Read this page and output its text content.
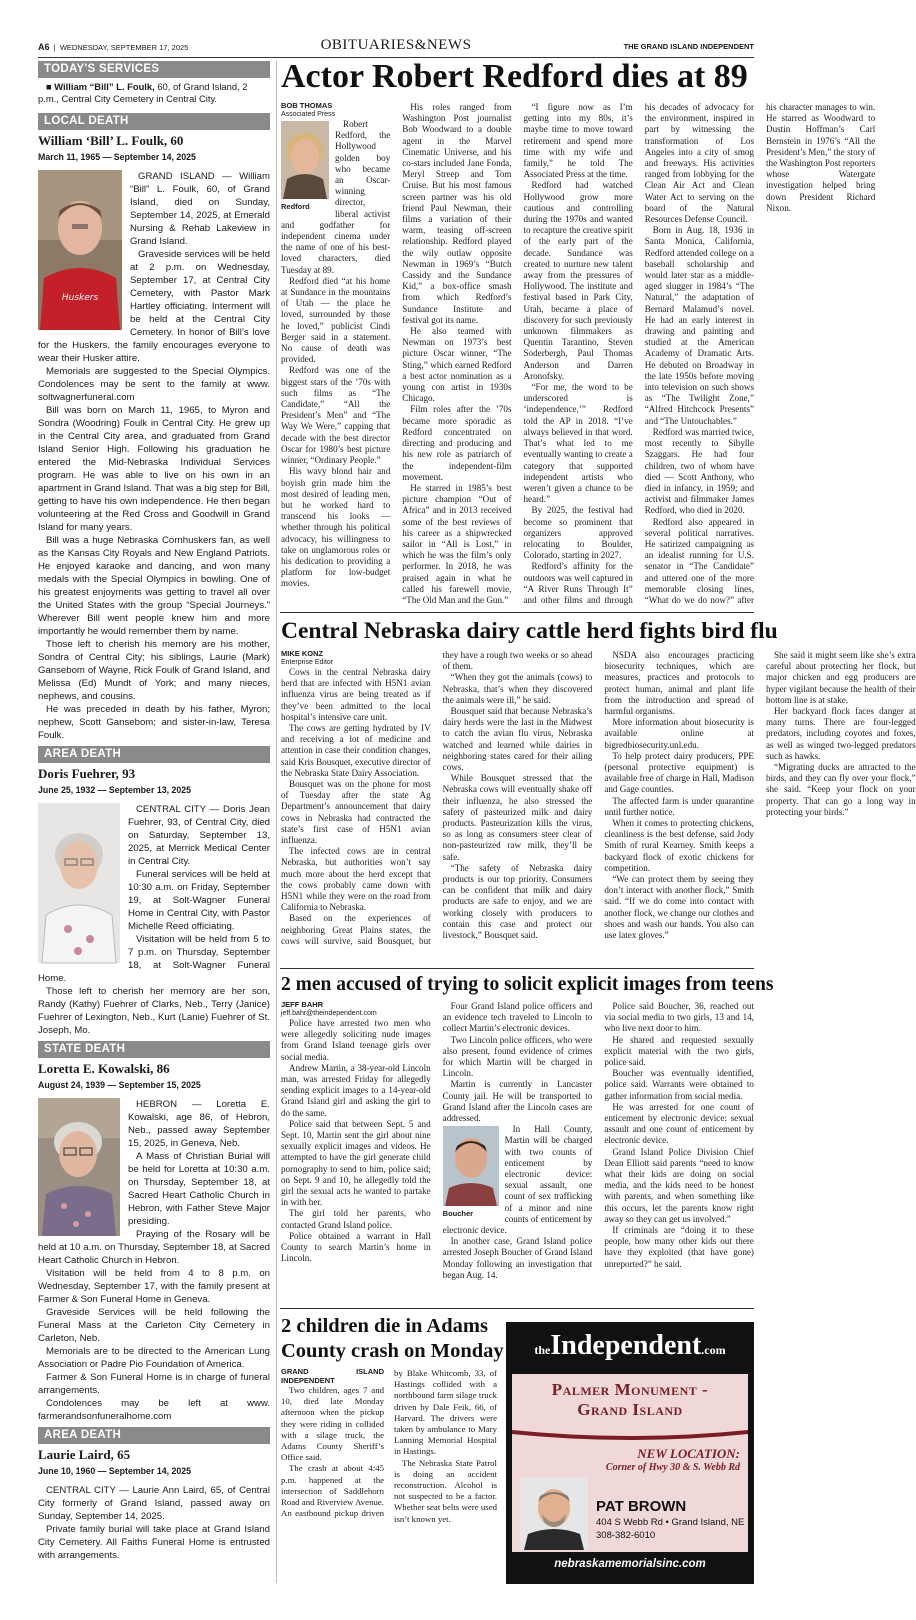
A6  |  WEDNESDAY, SEPTEMBER 17, 2025	OBITUARIES&NEWS	THE GRAND ISLAND INDEPENDENT
TODAY'S SERVICES
■ William “Bill” L. Foulk, 60, of Grand Island, 2 p.m., Central City Cemetery in Central City.
LOCAL DEATH
William ‘Bill’ L. Foulk, 60
March 11, 1965 — September 14, 2025
Huskers

GRAND ISLAND — William “Bill” L. Foulk, 60, of Grand Island, died on Sunday, September 14, 2025, at Emerald Nursing & Rehab Lakeview in Grand Island.

Graveside services will be held at 2 p.m. on Wednesday, September 17, at Central City Cemetery, with Pastor Mark Hartley officiating. Interment will be held at the Central City Cemetery. In honor of Bill’s love for the Huskers, the family encourages everyone to wear their Husker attire.

Memorials are suggested to the Special Olympics. Condolences may be sent to the family at www. soltwagnerfuneral.com

Bill was born on March 11, 1965, to Myron and Sondra (Woodring) Foulk in Central City. He grew up in the Central City area, and graduated from Grand Island Senior High. Following his graduation he entered the Mid-Nebraska Individual Services program. He was able to live on his own in an apartment in Grand Island. That was a big step for Bill, getting to have his own independence. He then began volunteering at the Red Cross and Goodwill in Grand Island for many years.

Bill was a huge Nebraska Cornhuskers fan, as well as the Kansas City Royals and New England Patriots. He enjoyed karaoke and dancing, and won many medals with the Special Olympics in bowling. One of his greatest enjoyments was getting to travel all over the United States with the group “Special Journeys.” Wherever Bill went people knew him and more importantly he would remember them by name.

Those left to cherish his memory are his mother, Sondra of Central City; his siblings, Laurie (Mark) Gansebom of Wayne, Rick Foulk of Grand Island, and Melissa (Ed) Mundt of York; and many nieces, nephews, and cousins.

He was preceded in death by his father, Myron; nephew, Scott Gansebom; and sister-in-law, Teresa Foulk.

AREA DEATH
Doris Fuehrer, 93
June 25, 1932 — September 13, 2025

CENTRAL CITY — Doris Jean Fuehrer, 93, of Central City, died on Saturday, September 13, 2025, at Merrick Medical Center in Central City.

Funeral services will be held at 10:30 a.m. on Friday, September 19, at Solt-Wagner Funeral Home in Central City, with Pastor Michelle Reed officiating.

Visitation will be held from 5 to 7 p.m. on Thursday, September 18, at Solt-Wagner Funeral Home.

Those left to cherish her memory are her son, Randy (Kathy) Fuehrer of Clarks, Neb., Terry (Janice) Fuehrer of Lexington, Neb., Kurt (Lanie) Fuehrer of St. Joseph, Mo.

STATE DEATH
Loretta E. Kowalski, 86
August 24, 1939 — September 15, 2025

HEBRON — Loretta E. Kowalski, age 86, of Hebron, Neb., passed away September 15, 2025, in Geneva, Neb.

A Mass of Christian Burial will be held for Loretta at 10:30 a.m. on Thursday, September 18, at Sacred Heart Catholic Church in Hebron, with Father Steve Major presiding.

Praying of the Rosary will be held at 10 a.m. on Thursday, September 18, at Sacred Heart Catholic Church in Hebron.

Visitation will be held from 4 to 8 p.m. on Wednesday, September 17, with the family present at Farmer & Son Funeral Home in Geneva.

Graveside Services will be held following the Funeral Mass at the Carleton City Cemetery in Carleton, Neb.

Memorials are to be directed to the American Lung Association or Padre Pio Foundation of America.

Farmer & Son Funeral Home is in charge of funeral arrangements.

Condolences may be left at www. farmerandsonfuneralhome.com

AREA DEATH
Laurie Laird, 65
June 10, 1960 — September 14, 2025

CENTRAL CITY — Laurie Ann Laird, 65, of Central City formerly of Grand Island, passed away on Sunday, September 14, 2025.

Private family burial will take place at Grand Island City Cemetery. All Faiths Funeral Home is entrusted with arrangements.

Actor Robert Redford dies at 89
BOB THOMAS
Associated Press
Redford

Robert Redford, the Hollywood golden boy who became an Oscar-winning director, liberal activist and godfather for independent cinema under the name of one of his best-loved characters, died Tuesday at 89.

Redford died “at his home at Sundance in the mountains of Utah — the place he loved, surrounded by those he loved,” publicist Cindi Berger said in a statement. No cause of death was provided.

Redford was one of the biggest stars of the ’70s with such films as “The Candidate,” “All the President’s Men” and “The Way We Were,” capping that decade with the best director Oscar for 1980’s best picture winner, “Ordinary People.”

His wavy blond hair and boyish grin made him the most desired of leading men, but he worked hard to transcend his looks — whether through his political advocacy, his willingness to take on unglamorous roles or his dedication to providing a platform for low-budget movies.

His roles ranged from Washington Post journalist Bob Woodward to a double agent in the Marvel Cinematic Universe, and his co-stars included Jane Fonda, Meryl Streep and Tom Cruise. But his most famous screen partner was his old friend Paul Newman, their films a variation of their warm, teasing off-screen relationship. Redford played the wily outlaw opposite Newman in 1969’s “Butch Cassidy and the Sundance Kid,” a box-office smash from which Redford’s Sundance Institute and festival got its name.

He also teamed with Newman on 1973’s best picture Oscar winner, “The Sting,” which earned Redford a best actor nomination as a young con artist in 1930s Chicago.

Film roles after the ’70s became more sporadic as Redford concentrated on directing and producing and his new role as patriarch of the independent-film movement.

He starred in 1985’s best picture champion “Out of Africa” and in 2013 received some of the best reviews of his career as a shipwrecked sailor in “All is Lost,” in which he was the film’s only performer. In 2018, he was praised again in what he called his farewell movie, “The Old Man and the Gun.”

“I figure now as I’m getting into my 80s, it’s maybe time to move toward retirement and spend more time with my wife and family,” he told The Associated Press at the time.

Redford had watched Hollywood grow more cautious and controlling during the 1970s and wanted to recapture the creative spirit of the early part of the decade. Sundance was created to nurture new talent away from the pressures of Hollywood. The institute and festival based in Park City, Utah, became a place of discovery for such previously unknown filmmakers as Quentin Tarantino, Steven Soderbergh, Paul Thomas Anderson and Darren Aronofsky.

“For me, the word to be underscored is ‘independence,’” Redford told the AP in 2018. “I’ve always believed in that word. That’s what led to me eventually wanting to create a category that supported independent artists who weren’t given a chance to be heard.”

By 2025, the festival had become so prominent that organizers approved relocating to Boulder, Colorado, starting in 2027.

Redford’s affinity for the outdoors was well captured in “A River Runs Through It” and other films and through his decades of advocacy for the environment, inspired in part by witnessing the transformation of Los Angeles into a city of smog and freeways. His activities ranged from lobbying for the Clean Air Act and Clean Water Act to serving on the board of the Natural Resources Defense Council.

Born in Aug. 18, 1936 in Santa Monica, California, Redford attended college on a baseball scholarship and would later star as a middle-aged slugger in 1984’s “The Natural,” the adaptation of Bernard Malamud’s novel. He had an early interest in drawing and painting and studied at the American Academy of Dramatic Arts. He debuted on Broadway in the late 1950s before moving into television on such shows as “The Twilight Zone,” “Alfred Hitchcock Presents” and “The Untouchables.”

Redford was married twice, most recently to Sibylle Szaggars. He had four children, two of whom have died — Scott Anthony, who died in infancy, in 1959; and activist and filmmaker James Redford, who died in 2020.

Redford also appeared in several political narratives. He satirized campaigning as an idealist running for U.S. senator in “The Candidate” and uttered one of the more memorable closing lines, “What do we do now?” after his character manages to win. He starred as Woodward to Dustin Hoffman’s Carl Bernstein in 1976’s “All the President’s Men,” the story of the Washington Post reporters whose Watergate investigation helped bring down President Richard Nixon.

Central Nebraska dairy cattle herd fights bird flu
MIKE KONZ
Enterprise Editor

Cows in the central Nebraska dairy herd that are infected with H5N1 avian influenza virus are being treated as if they’ve been admitted to the local hospital’s intensive care unit.

The cows are getting hydrated by IV and receiving a lot of medicine and attention in case their condition changes, said Kris Bousquet, executive director of the Nebraska State Dairy Association.

Bousquet was on the phone for most of Tuesday after the state Ag Department’s announcement that dairy cows in Nebraska had contracted the state’s first case of H5N1 avian influenza.

The infected cows are in central Nebraska, but authorities won’t say much more about the herd except that the cows probably came down with H5N1 while they were on the road from California to Nebraska.

Based on the experiences of neighboring Great Plains states, the cows will survive, said Bousquet, but they have a rough two weeks or so ahead of them.

“When they got the animals (cows) to Nebraska, that’s when they discovered the animals were ill,” he said.

Bousquet said that because Nebraska’s dairy herds were the last in the Midwest to catch the avian flu virus, Nebraska watched and learned while dairies in neighboring states cared for their ailing cows.

While Bousquet stressed that the Nebraska cows will eventually shake off their influenza, he also stressed the safety of pasteurized milk and dairy products. Pasteurization kills the virus, so as long as consumers steer clear of non-pasteurized raw milk, they’ll be safe.

“The safety of Nebraska dairy products is our top priority. Consumers can be confident that milk and dairy products are safe to enjoy, and we are working closely with producers to contain this case and protect our livestock,” Bousquet said.

NSDA also encourages practicing biosecurity techniques, which are measures, practices and protocols to protect human, animal and plant life from the introduction and spread of harmful organisms.

More information about biosecurity is available online at bigredbiosecurity.unl.edu.

To help protect dairy producers, PPE (personal protective equipment) is available free of charge in Hall, Madison and Gage counties.

The affected farm is under quarantine until further notice.

When it comes to protecting chickens, cleanliness is the best defense, said Jody Smith of rural Kearney. Smith keeps a backyard flock of exotic chickens for competition.

“We can protect them by seeing they don’t interact with another flock,” Smith said. “If we do come into contact with another flock, we change our clothes and shoes and wash our hands. You also can use latex gloves.”

She said it might seem like she’s extra careful about protecting her flock, but major chicken and egg producers are hyper vigilant because the health of their bottom line is at stake.

Her backyard flock faces danger at many turns. There are four-legged predators, including coyotes and foxes, as well as winged two-legged predators such as hawks.

“Migrating ducks are attracted to the birds, and they can fly over your flock,” she said. “Keep your flock on your property. That can go a long way in protecting your birds.”

2 men accused of trying to solicit explicit images from teens
JEFF BAHR
jeff.bahr@theindependent.com

Police have arrested two men who were allegedly soliciting nude images from Grand Island teenage girls over social media.

Andrew Martin, a 38-year-old Lincoln man, was arrested Friday for allegedly sending explicit images to a 14-year-old Grand Island girl and asking the girl to do the same.

Police said that between Sept. 5 and Sept. 10, Martin sent the girl about nine sexually explicit images and videos. He attempted to have the girl generate child pornography to send to him, police said; on Sept. 9 and 10, he allegedly told the girl the sexual acts he wanted to partake in with her.

The girl told her parents, who contacted Grand Island police.

Police obtained a warrant in Hall County to search Martin’s home in Lincoln.

Four Grand Island police officers and an evidence tech traveled to Lincoln to collect Martin’s electronic devices.

Two Lincoln police officers, who were also present, found evidence of crimes for which Martin will be charged in Lincoln.

Martin is currently in Lancaster County jail. He will be transported to Grand Island after the Lincoln cases are addressed.

Boucher

In Hall County, Martin will be charged with two counts of enticement by electronic device: sexual assault, one count of sex trafficking of a minor and nine counts of enticement by electronic device.

In another case, Grand Island police arrested Joseph Boucher of Grand Island Monday following an investigation that began Aug. 14.

Police said Boucher, 36, reached out via social media to two girls, 13 and 14, who live next door to him.

He shared and requested sexually explicit material with the two girls, police said.

Boucher was eventually identified, police said. Warrants were obtained to gather information from social media.

He was arrested for one count of enticement by electronic device: sexual assault and one count of enticement by electronic device.

Grand Island Police Division Chief Dean Elliott said parents “need to know what their kids are doing on social media, and the kids need to be honest with parents, and when something like this occurs, let the parents know right away so they can get us involved.”

If criminals are “doing it to these people, how many other kids out there have they exploited (that have gone) unreported?” he said.

2 children die in Adams
County crash on Monday
GRAND ISLAND INDEPENDENT

Two children, ages 7 and 10, died late Monday afternoon when the pickup they were riding in collided with a silage truck, the Adams County Sheriff’s Office said.

The crash at about 4:45 p.m. happened at the intersection of Saddlehorn Road and Riverview Avenue. An eastbound pickup driven by Blake Whitcomb, 33, of Hastings collided with a northbound farm silage truck driven by Dale Feik, 66, of Harvard. The drivers were taken by ambulance to Mary Lanning Memorial Hospital in Hastings.

The Nebraska State Patrol is doing an accident reconstruction. Alcohol is not suspected to be a factor. Whether seat belts were used isn’t known yet.

theIndependent.com
Palmer Monument -
Grand Island
NEW LOCATION:
Corner of Hwy 30 & S. Webb Rd
PAT BROWN
404 S Webb Rd • Grand Island, NE
308-382-6010
nebraskamemorialsinc.com
